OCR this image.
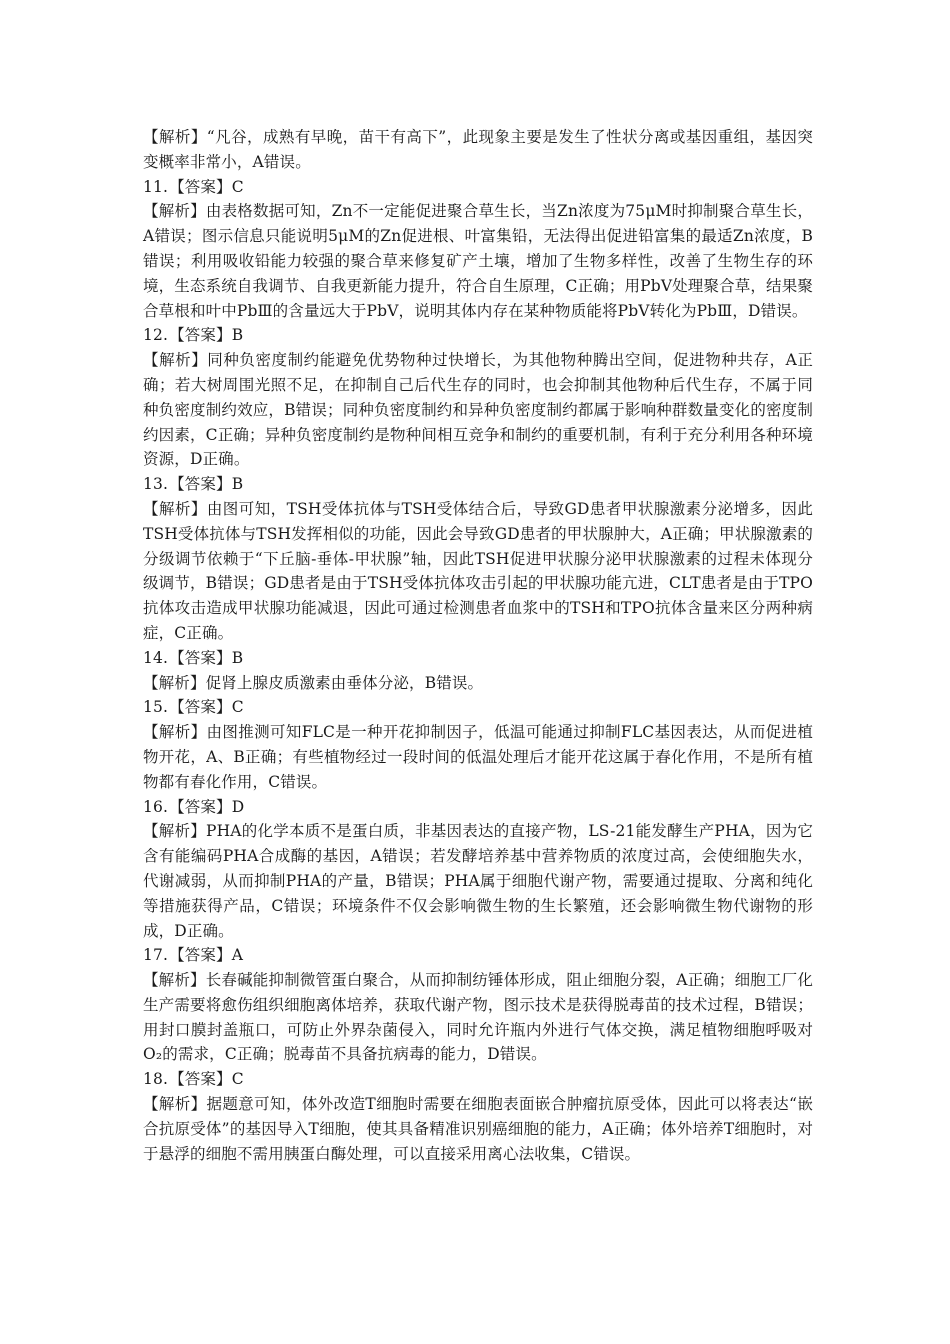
【解析】“凡谷，成熟有早晚，苗干有高下”，此现象主要是发生了性状分离或基因重组，基因突变概率非常小，A错误。

11.【答案】C

【解析】由表格数据可知，Zn不一定能促进聚合草生长，当Zn浓度为75μM时抑制聚合草生长，A错误；图示信息只能说明5μM的Zn促进根、叶富集铅，无法得出促进铅富集的最适Zn浓度，B错误；利用吸收铅能力较强的聚合草来修复矿产土壤，增加了生物多样性，改善了生物生存的环境，生态系统自我调节、自我更新能力提升，符合自生原理，C正确；用PbV处理聚合草，结果聚合草根和叶中PbⅢ的含量远大于PbV，说明其体内存在某种物质能将PbV转化为PbⅢ，D错误。

12.【答案】B

【解析】同种负密度制约能避免优势物种过快增长，为其他物种腾出空间，促进物种共存，A正确；若大树周围光照不足，在抑制自己后代生存的同时，也会抑制其他物种后代生存，不属于同种负密度制约效应，B错误；同种负密度制约和异种负密度制约都属于影响种群数量变化的密度制约因素，C正确；异种负密度制约是物种间相互竞争和制约的重要机制，有利于充分利用各种环境资源，D正确。

13.【答案】B

【解析】由图可知，TSH受体抗体与TSH受体结合后，导致GD患者甲状腺激素分泌增多，因此TSH受体抗体与TSH发挥相似的功能，因此会导致GD患者的甲状腺肿大，A正确；甲状腺激素的分级调节依赖于“下丘脑-垂体-甲状腺”轴，因此TSH促进甲状腺分泌甲状腺激素的过程未体现分级调节，B错误；GD患者是由于TSH受体抗体攻击引起的甲状腺功能亢进，CLT患者是由于TPO抗体攻击造成甲状腺功能减退，因此可通过检测患者血浆中的TSH和TPO抗体含量来区分两种病症，C正确。

14.【答案】B

【解析】促肾上腺皮质激素由垂体分泌，B错误。

15.【答案】C

【解析】由图推测可知FLC是一种开花抑制因子，低温可能通过抑制FLC基因表达，从而促进植物开花，A、B正确；有些植物经过一段时间的低温处理后才能开花这属于春化作用，不是所有植物都有春化作用，C错误。

16.【答案】D

【解析】PHA的化学本质不是蛋白质，非基因表达的直接产物，LS-21能发酵生产PHA，因为它含有能编码PHA合成酶的基因，A错误；若发酵培养基中营养物质的浓度过高，会使细胞失水，代谢减弱，从而抑制PHA的产量，B错误；PHA属于细胞代谢产物，需要通过提取、分离和纯化等措施获得产品，C错误；环境条件不仅会影响微生物的生长繁殖，还会影响微生物代谢物的形成，D正确。

17.【答案】A

【解析】长春碱能抑制微管蛋白聚合，从而抑制纺锤体形成，阻止细胞分裂，A正确；细胞工厂化生产需要将愈伤组织细胞离体培养，获取代谢产物，图示技术是获得脱毒苗的技术过程，B错误；用封口膜封盖瓶口，可防止外界杂菌侵入，同时允许瓶内外进行气体交换，满足植物细胞呼吸对O₂的需求，C正确；脱毒苗不具备抗病毒的能力，D错误。

18.【答案】C

【解析】据题意可知，体外改造T细胞时需要在细胞表面嵌合肿瘤抗原受体，因此可以将表达“嵌合抗原受体”的基因导入T细胞，使其具备精准识别癌细胞的能力，A正确；体外培养T细胞时，对于悬浮的细胞不需用胰蛋白酶处理，可以直接采用离心法收集，C错误。
